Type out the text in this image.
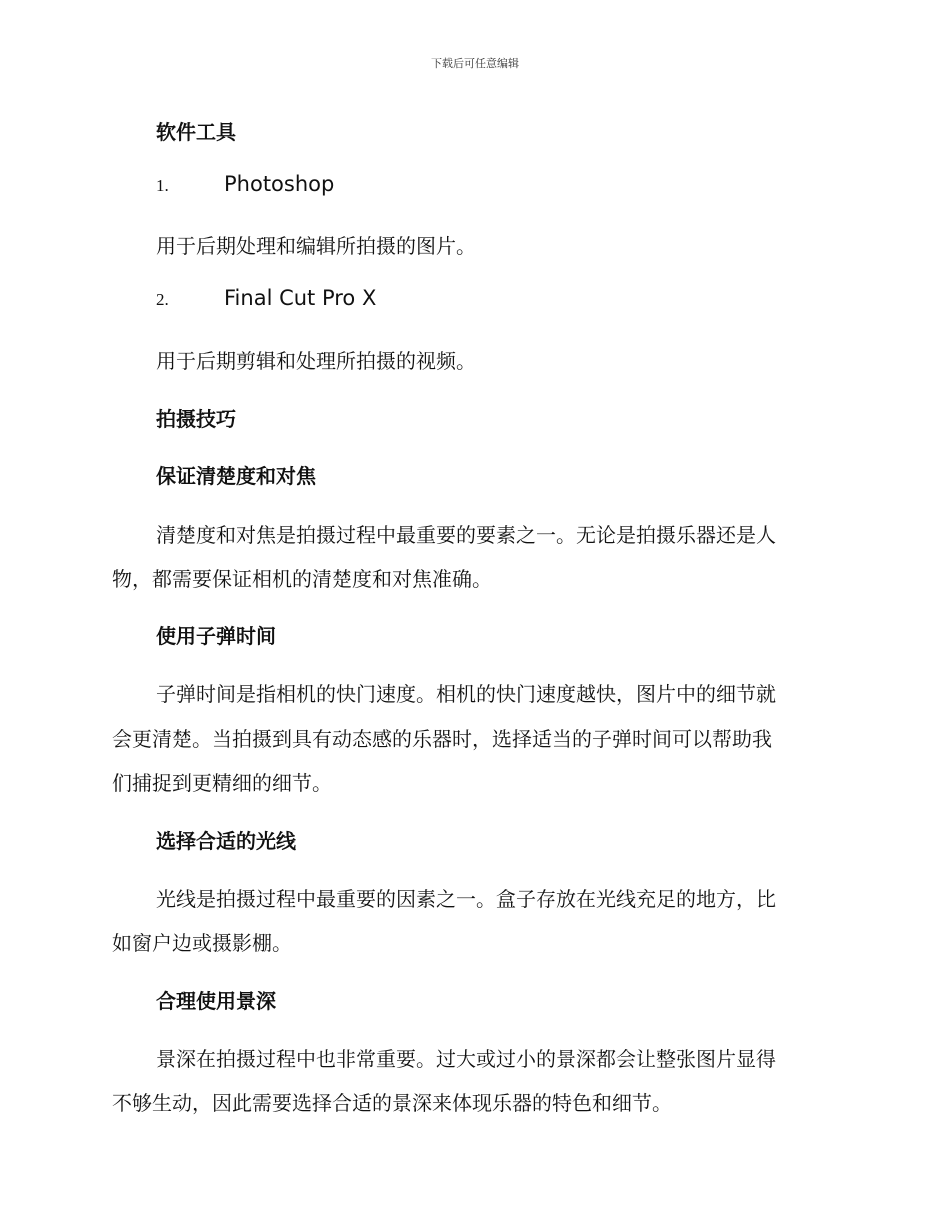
下载后可任意编辑
软件工具
1.	Photoshop
用于后期处理和编辑所拍摄的图片。
2.	Final Cut Pro X
用于后期剪辑和处理所拍摄的视频。
拍摄技巧
保证清楚度和对焦
清楚度和对焦是拍摄过程中最重要的要素之一。无论是拍摄乐器还是人
物，都需要保证相机的清楚度和对焦准确。
使用子弹时间
子弹时间是指相机的快门速度。相机的快门速度越快，图片中的细节就
会更清楚。当拍摄到具有动态感的乐器时，选择适当的子弹时间可以帮助我
们捕捉到更精细的细节。
选择合适的光线
光线是拍摄过程中最重要的因素之一。盒子存放在光线充足的地方，比
如窗户边或摄影棚。
合理使用景深
景深在拍摄过程中也非常重要。过大或过小的景深都会让整张图片显得
不够生动，因此需要选择合适的景深来体现乐器的特色和细节。
